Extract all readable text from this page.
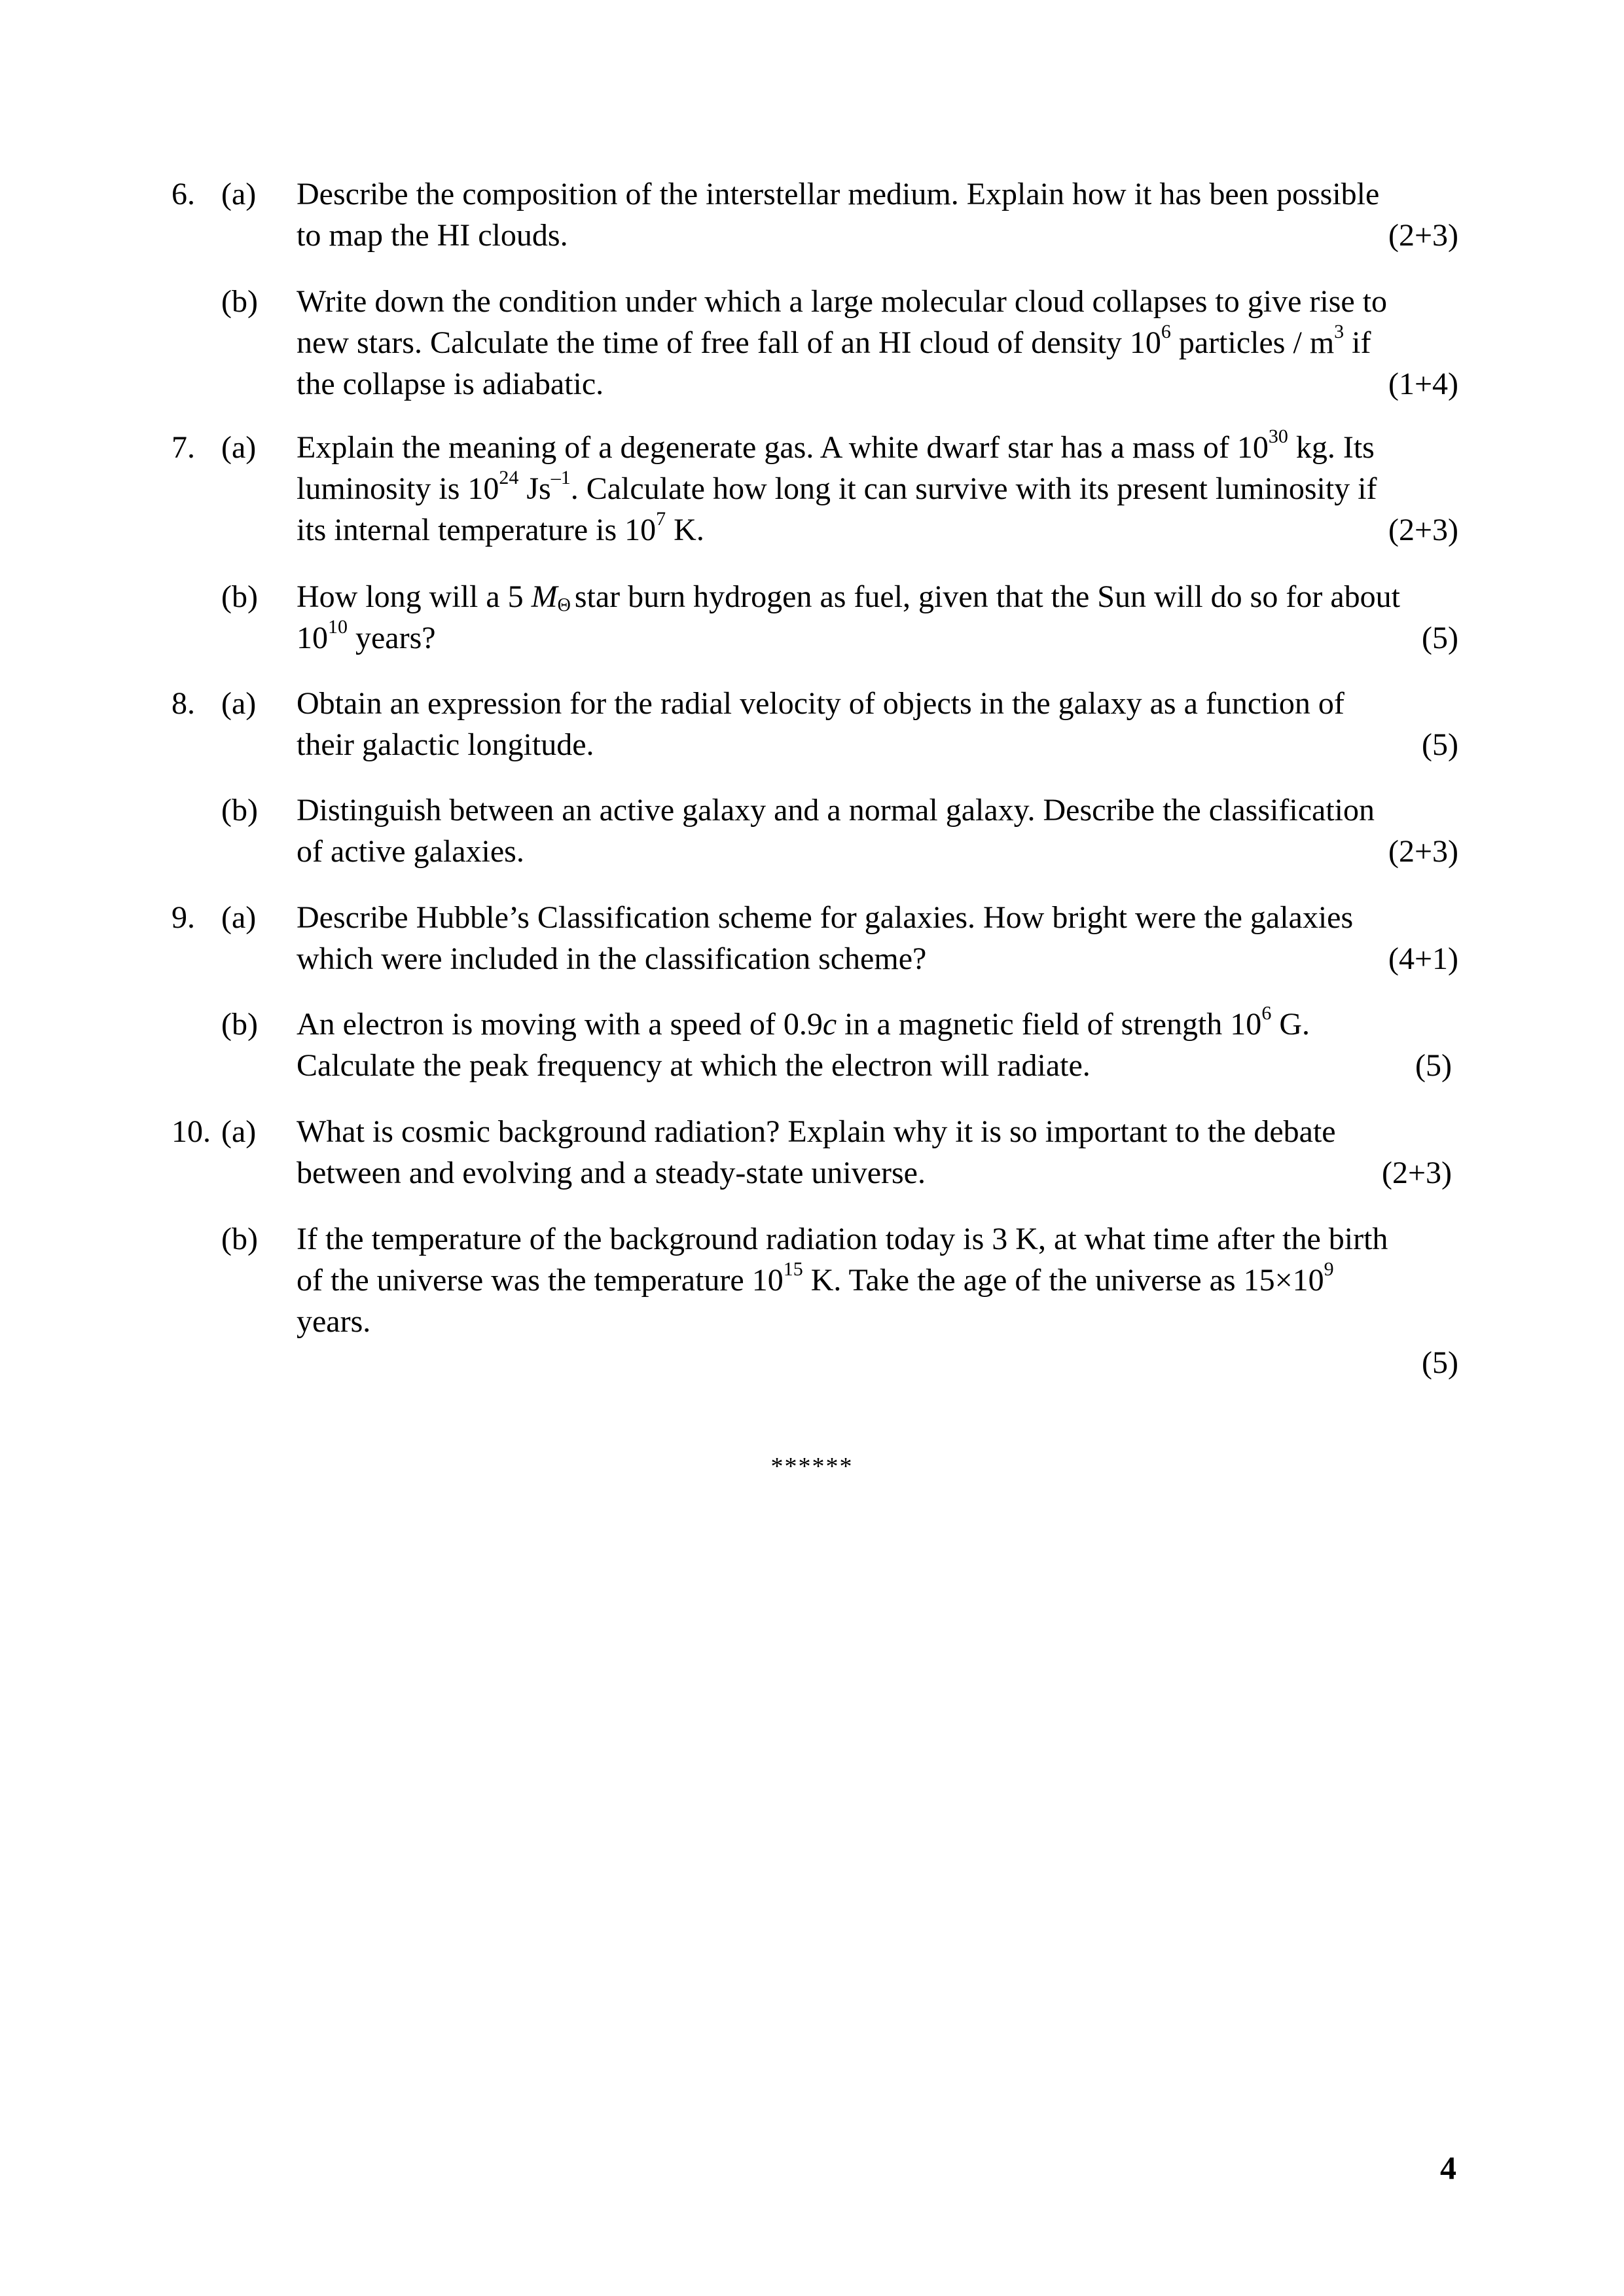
6. (a) Describe the composition of the interstellar medium. Explain how it has been possible
to map the HI clouds.	(2+3)
(b) Write down the condition under which a large molecular cloud collapses to give rise to
new stars. Calculate the time of free fall of an HI cloud of density $10^6$ particles / $m^3$ if
the collapse is adiabatic.	(1+4)
7. (a) Explain the meaning of a degenerate gas. A white dwarf star has a mass of $10^{30}$ kg. Its
luminosity is $10^{24}$ $Js^{-1}$. Calculate how long it can survive with its present luminosity if
its internal temperature is $10^7$ K.	(2+3)
(b) How long will a 5 MΘ star burn hydrogen as fuel, given that the Sun will do so for about
$10^{10}$ years?	(5)
8. (a) Obtain an expression for the radial velocity of objects in the galaxy as a function of
their galactic longitude.	(5)
(b) Distinguish between an active galaxy and a normal galaxy. Describe the classification
of active galaxies.	(2+3)
9. (a) Describe Hubble’s Classification scheme for galaxies. How bright were the galaxies
which were included in the classification scheme?	(4+1)
(b) An electron is moving with a speed of 0.9c in a magnetic field of strength $10^6$ G.
Calculate the peak frequency at which the electron will radiate.	(5)
10. (a) What is cosmic background radiation? Explain why it is so important to the debate
between and evolving and a steady-state universe.	(2+3)
(b) If the temperature of the background radiation today is 3 K, at what time after the birth
of the universe was the temperature $10^{15}$ K. Take the age of the universe as $15\times 10^9$
years.
(5)
******
4
